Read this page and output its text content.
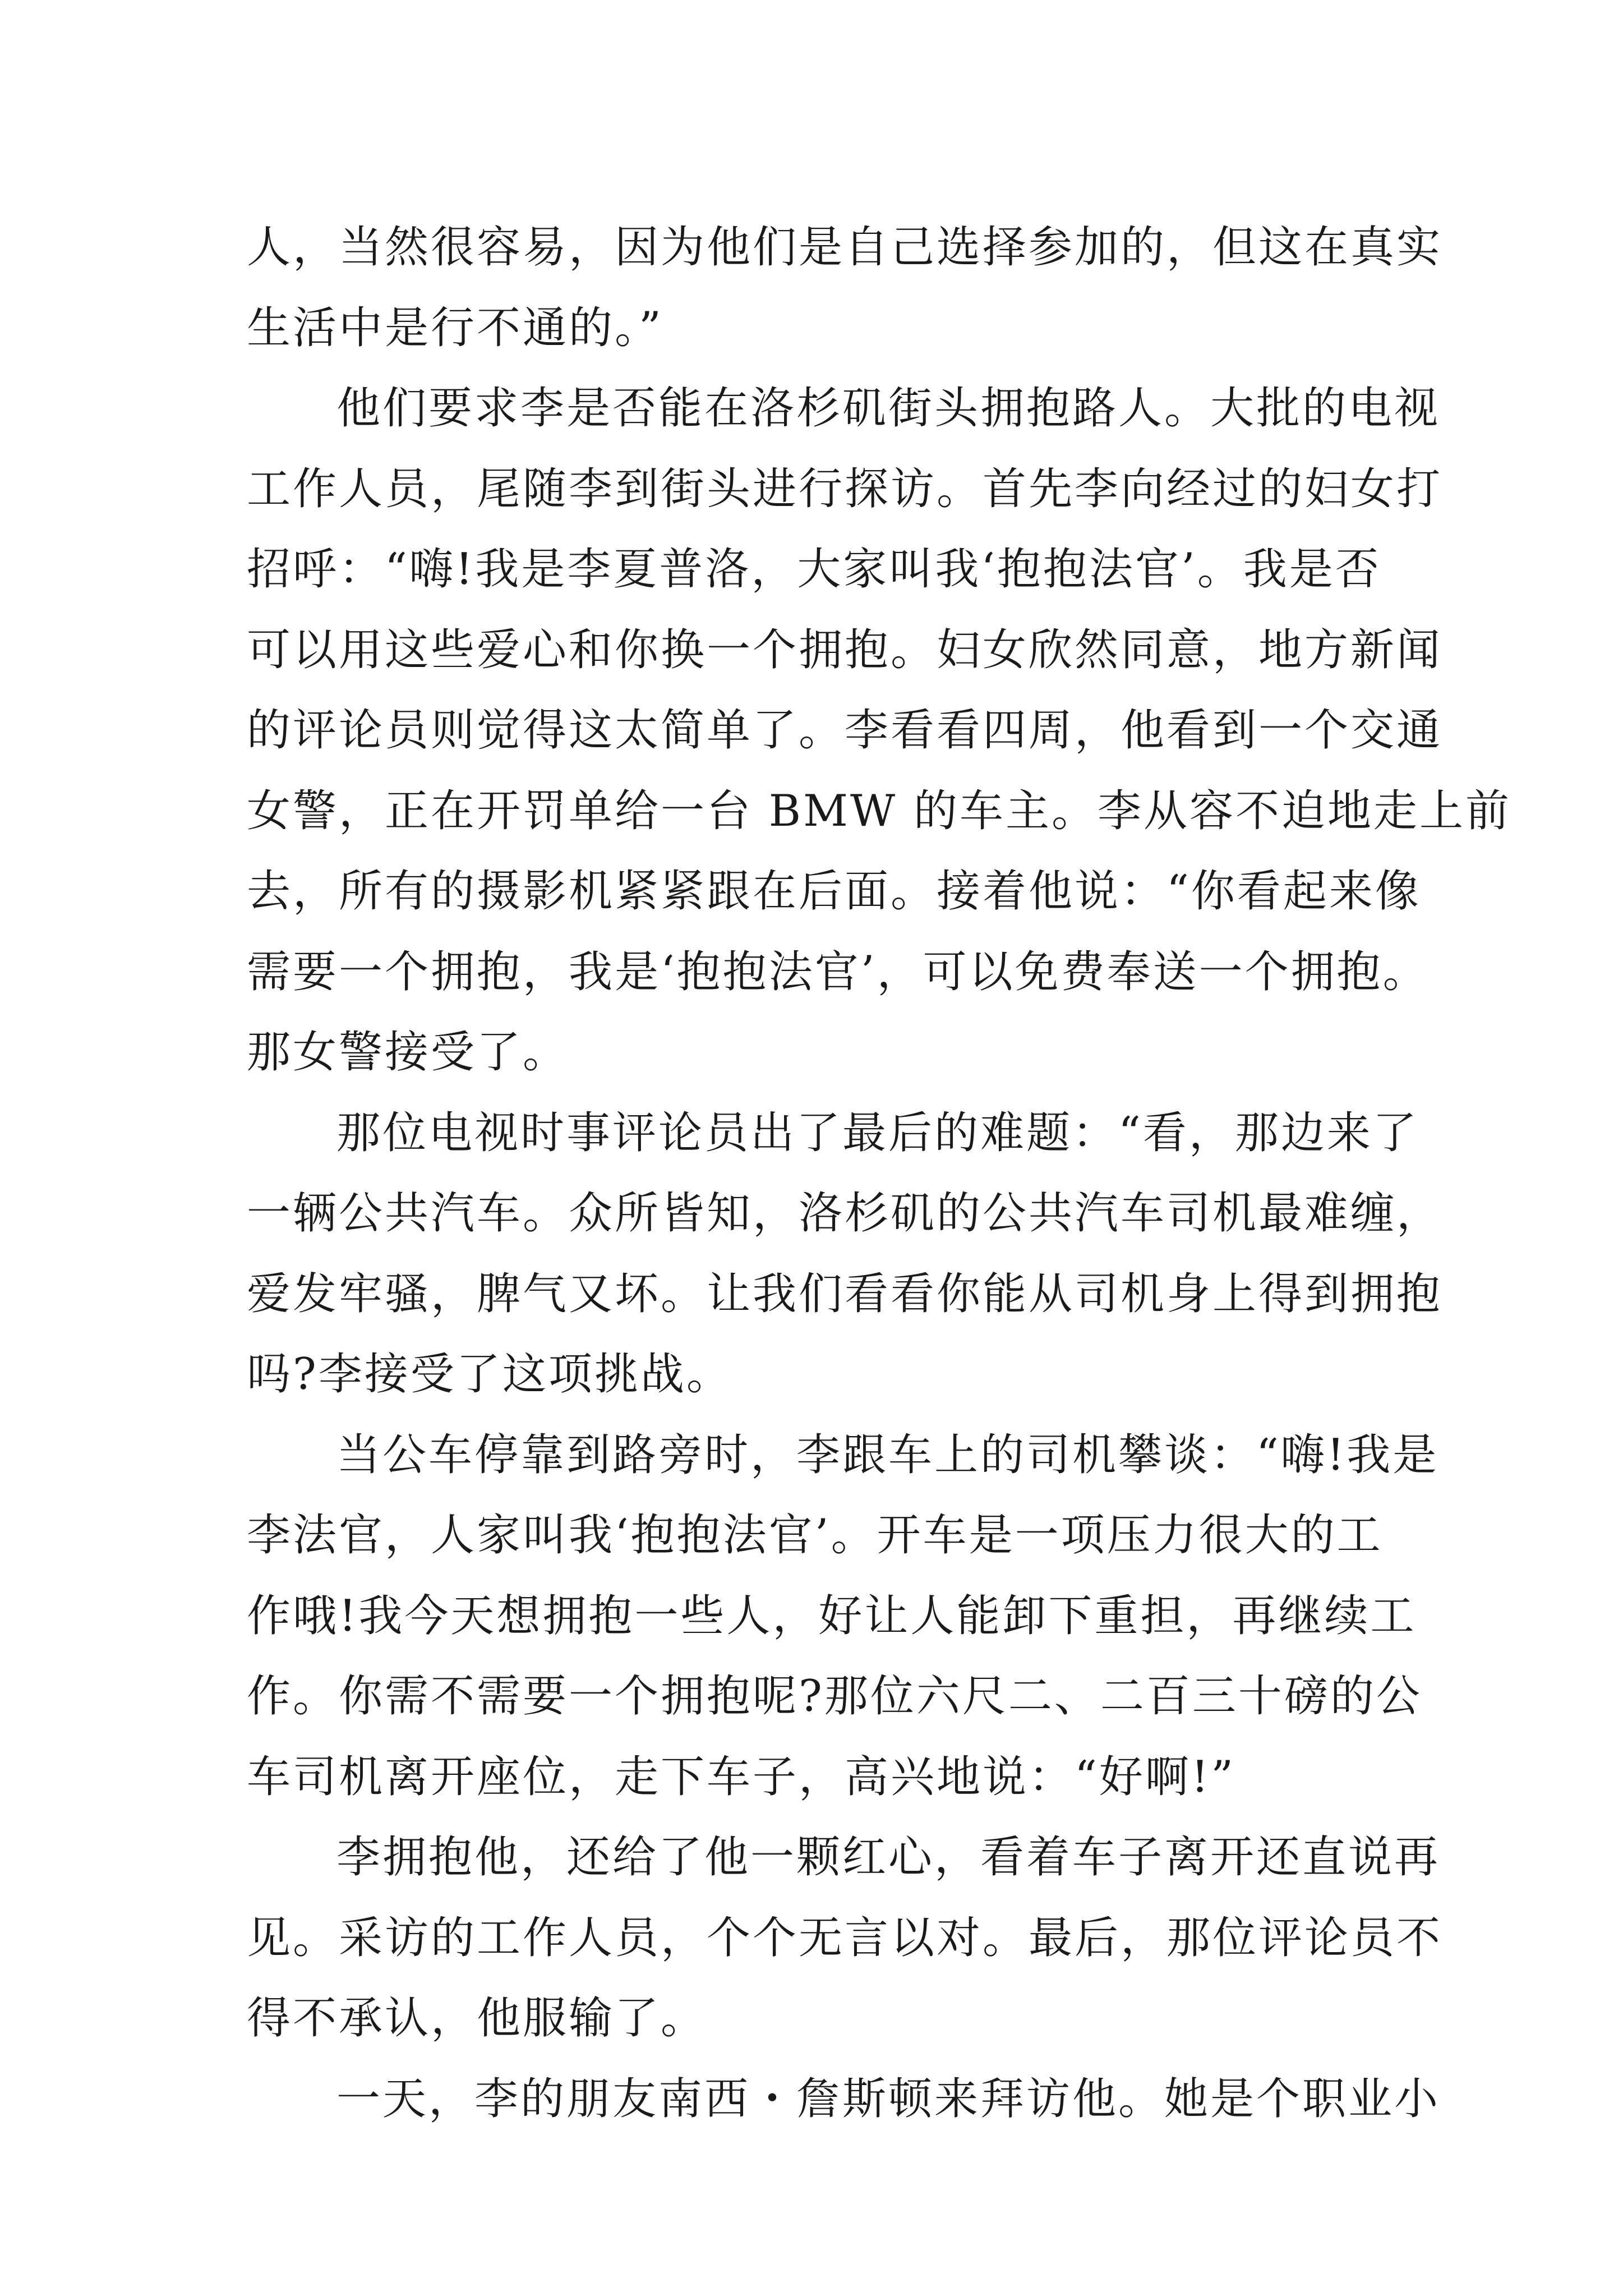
人，当然很容易，因为他们是自己选择参加的，但这在真实
生活中是行不通的。”
他们要求李是否能在洛杉矶街头拥抱路人。大批的电视
工作人员，尾随李到街头进行探访。首先李向经过的妇女打
招呼：“嗨!我是李夏普洛，大家叫我‘抱抱法官’。我是否
可以用这些爱心和你换一个拥抱。妇女欣然同意，地方新闻
的评论员则觉得这太简单了。李看看四周，他看到一个交通
女警，正在开罚单给一台 BMW 的车主。李从容不迫地走上前
去，所有的摄影机紧紧跟在后面。接着他说：“你看起来像
需要一个拥抱，我是‘抱抱法官’，可以免费奉送一个拥抱。
那女警接受了。
那位电视时事评论员出了最后的难题：“看，那边来了
一辆公共汽车。众所皆知，洛杉矶的公共汽车司机最难缠，
爱发牢骚，脾气又坏。让我们看看你能从司机身上得到拥抱
吗?李接受了这项挑战。
当公车停靠到路旁时，李跟车上的司机攀谈：“嗨!我是
李法官，人家叫我‘抱抱法官’。开车是一项压力很大的工
作哦!我今天想拥抱一些人，好让人能卸下重担，再继续工
作。你需不需要一个拥抱呢?那位六尺二、二百三十磅的公
车司机离开座位，走下车子，高兴地说：“好啊!”
李拥抱他，还给了他一颗红心，看着车子离开还直说再
见。采访的工作人员，个个无言以对。最后，那位评论员不
得不承认，他服输了。
一天，李的朋友南西・詹斯顿来拜访他。她是个职业小
